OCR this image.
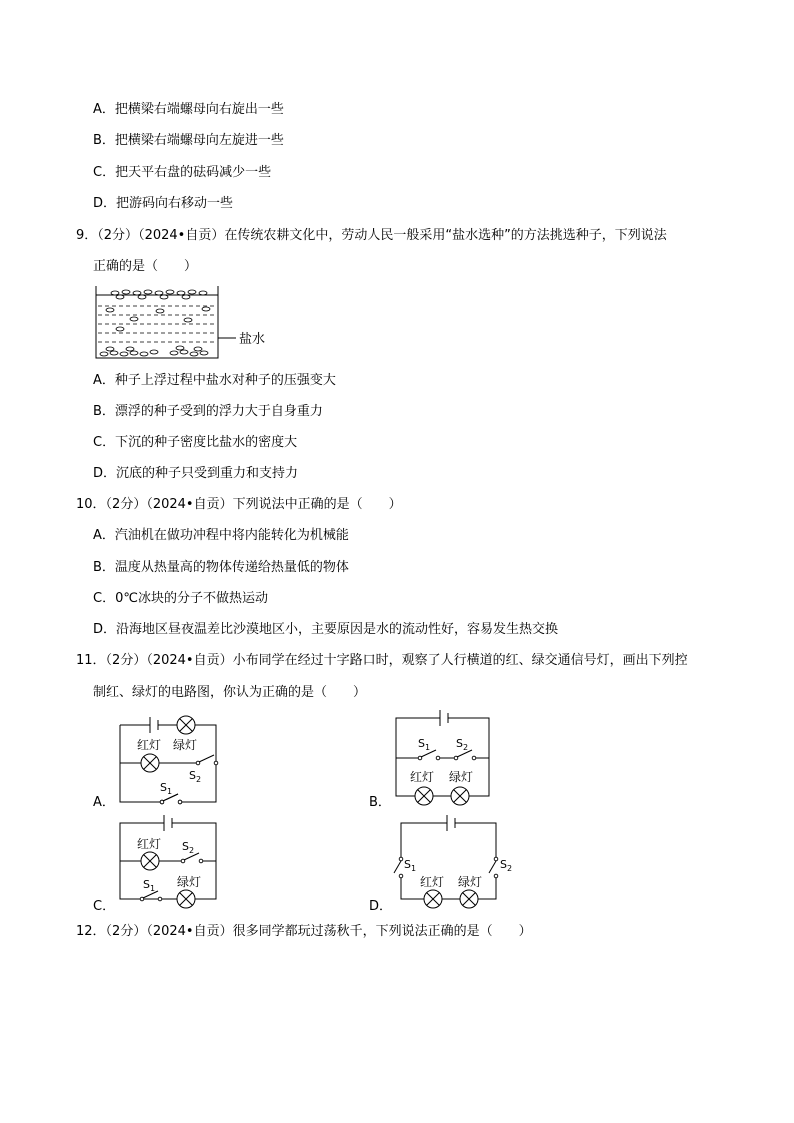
A．把横梁右端螺母向右旋出一些
B．把横梁右端螺母向左旋进一些
C．把天平右盘的砝码减少一些
D．把游码向右移动一些
9．（2分）（2024•自贡）在传统农耕文化中，劳动人民一般采用“盐水选种”的方法挑选种子，下列说法
正确的是（　　）
盐水
A．种子上浮过程中盐水对种子的压强变大
B．漂浮的种子受到的浮力大于自身重力
C．下沉的种子密度比盐水的密度大
D．沉底的种子只受到重力和支持力
10．（2分）（2024•自贡）下列说法中正确的是（　　）
A．汽油机在做功冲程中将内能转化为机械能
B．温度从热量高的物体传递给热量低的物体
C．0℃冰块的分子不做热运动
D．沿海地区昼夜温差比沙漠地区小，主要原因是水的流动性好，容易发生热交换
11．（2分）（2024•自贡）小布同学在经过十字路口时，观察了人行横道的红、绿交通信号灯，画出下列控
制红、绿灯的电路图，你认为正确的是（　　）
红灯 绿灯
$S_2$
$S_1$
A．
$S_1$ $S_2$
红灯 绿灯
B．
红灯 $S_2$
$S_1$ 绿灯
C．
$S_1$	$S_2$
红灯 绿灯
D．
12．（2分）（2024•自贡）很多同学都玩过荡秋千，下列说法正确的是（　　）
